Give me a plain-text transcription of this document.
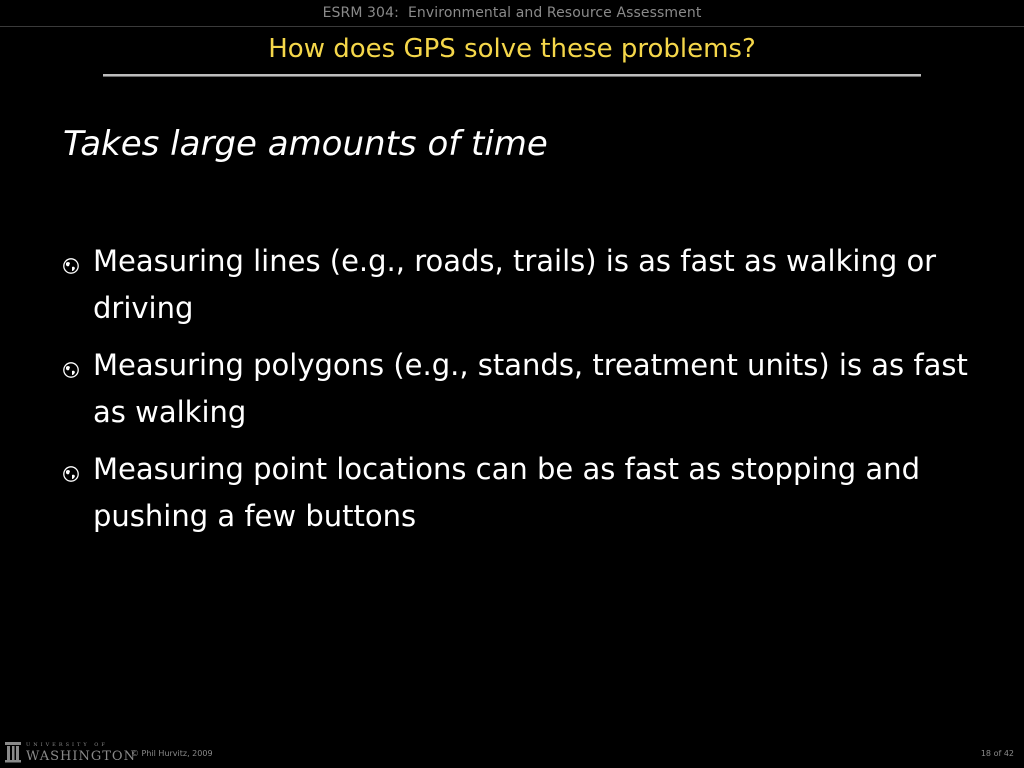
ESRM 304:  Environmental and Resource Assessment
How does GPS solve these problems?
Takes large amounts of time
Measuring lines (e.g., roads, trails) is as fast as walking or driving
Measuring polygons (e.g., stands, treatment units) is as fast as walking
Measuring point locations can be as fast as stopping and pushing a few buttons
UNIVERSITY OF
WASHINGTON
© Phil Hurvitz, 2009	18 of 42
